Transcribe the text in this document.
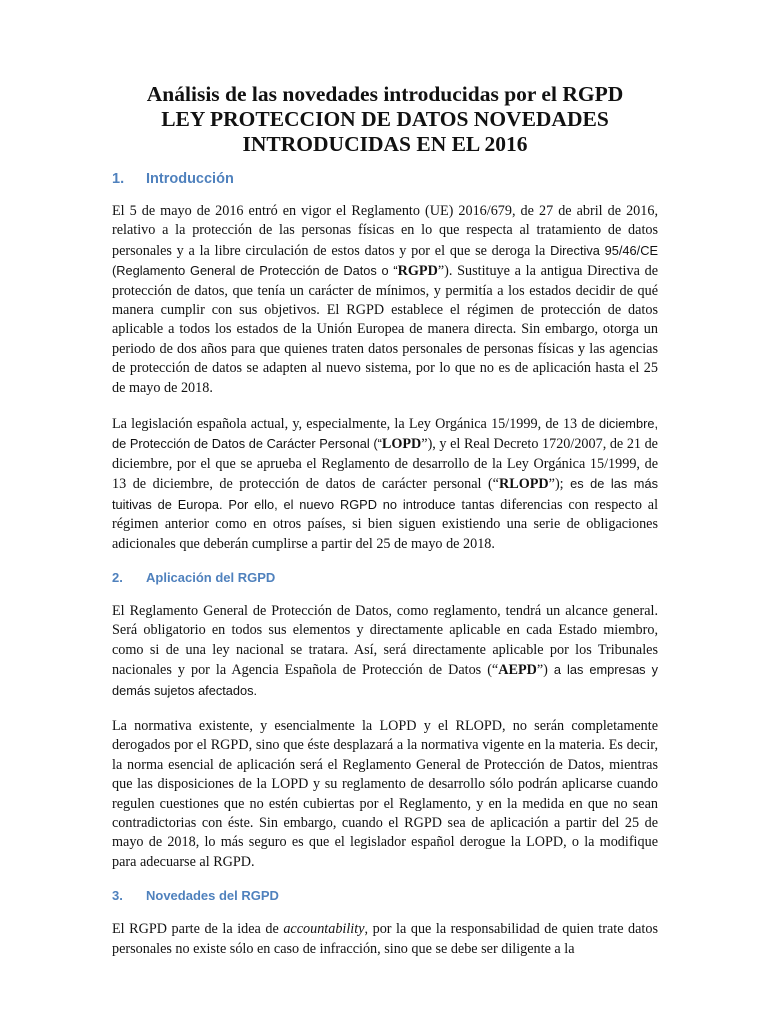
Análisis de las novedades introducidas por el RGPD
LEY PROTECCION DE DATOS NOVEDADES
INTRODUCIDAS EN EL 2016
1.	Introducción

El 5 de mayo de 2016 entró en vigor el Reglamento (UE) 2016/679, de 27 de abril de 2016, relativo a la protección de las personas físicas en lo que respecta al tratamiento de datos personales y a la libre circulación de estos datos y por el que se deroga la Directiva 95/46/CE (Reglamento General de Protección de Datos o “RGPD”). Sustituye a la antigua Directiva de protección de datos, que tenía un carácter de mínimos, y permitía a los estados decidir de qué manera cumplir con sus objetivos. El RGPD establece el régimen de protección de datos aplicable a todos los estados de la Unión Europea de manera directa. Sin embargo, otorga un periodo de dos años para que quienes traten datos personales de personas físicas y las agencias de protección de datos se adapten al nuevo sistema, por lo que no es de aplicación hasta el 25 de mayo de 2018.

La legislación española actual, y, especialmente, la Ley Orgánica 15/1999, de 13 de diciembre, de Protección de Datos de Carácter Personal (“LOPD”), y el Real Decreto 1720/2007, de 21 de diciembre, por el que se aprueba el Reglamento de desarrollo de la Ley Orgánica 15/1999, de 13 de diciembre, de protección de datos de carácter personal (“RLOPD”); es de las más tuitivas de Europa. Por ello, el nuevo RGPD no introduce tantas diferencias con respecto al régimen anterior como en otros países, si bien siguen existiendo una serie de obligaciones adicionales que deberán cumplirse a partir del 25 de mayo de 2018.

2.	Aplicación del RGPD

El Reglamento General de Protección de Datos, como reglamento, tendrá un alcance general. Será obligatorio en todos sus elementos y directamente aplicable en cada Estado miembro, como si de una ley nacional se tratara. Así, será directamente aplicable por los Tribunales nacionales y por la Agencia Española de Protección de Datos (“AEPD”) a las empresas y demás sujetos afectados.

La normativa existente, y esencialmente la LOPD y el RLOPD, no serán completamente derogados por el RGPD, sino que éste desplazará a la normativa vigente en la materia. Es decir, la norma esencial de aplicación será el Reglamento General de Protección de Datos, mientras que las disposiciones de la LOPD y su reglamento de desarrollo sólo podrán aplicarse cuando regulen cuestiones que no estén cubiertas por el Reglamento, y en la medida en que no sean contradictorias con éste. Sin embargo, cuando el RGPD sea de aplicación a partir del 25 de mayo de 2018, lo más seguro es que el legislador español derogue la LOPD, o la modifique para adecuarse al RGPD.

3.	Novedades del RGPD

El RGPD parte de la idea de accountability, por la que la responsabilidad de quien trate datos personales no existe sólo en caso de infracción, sino que se debe ser diligente a la
